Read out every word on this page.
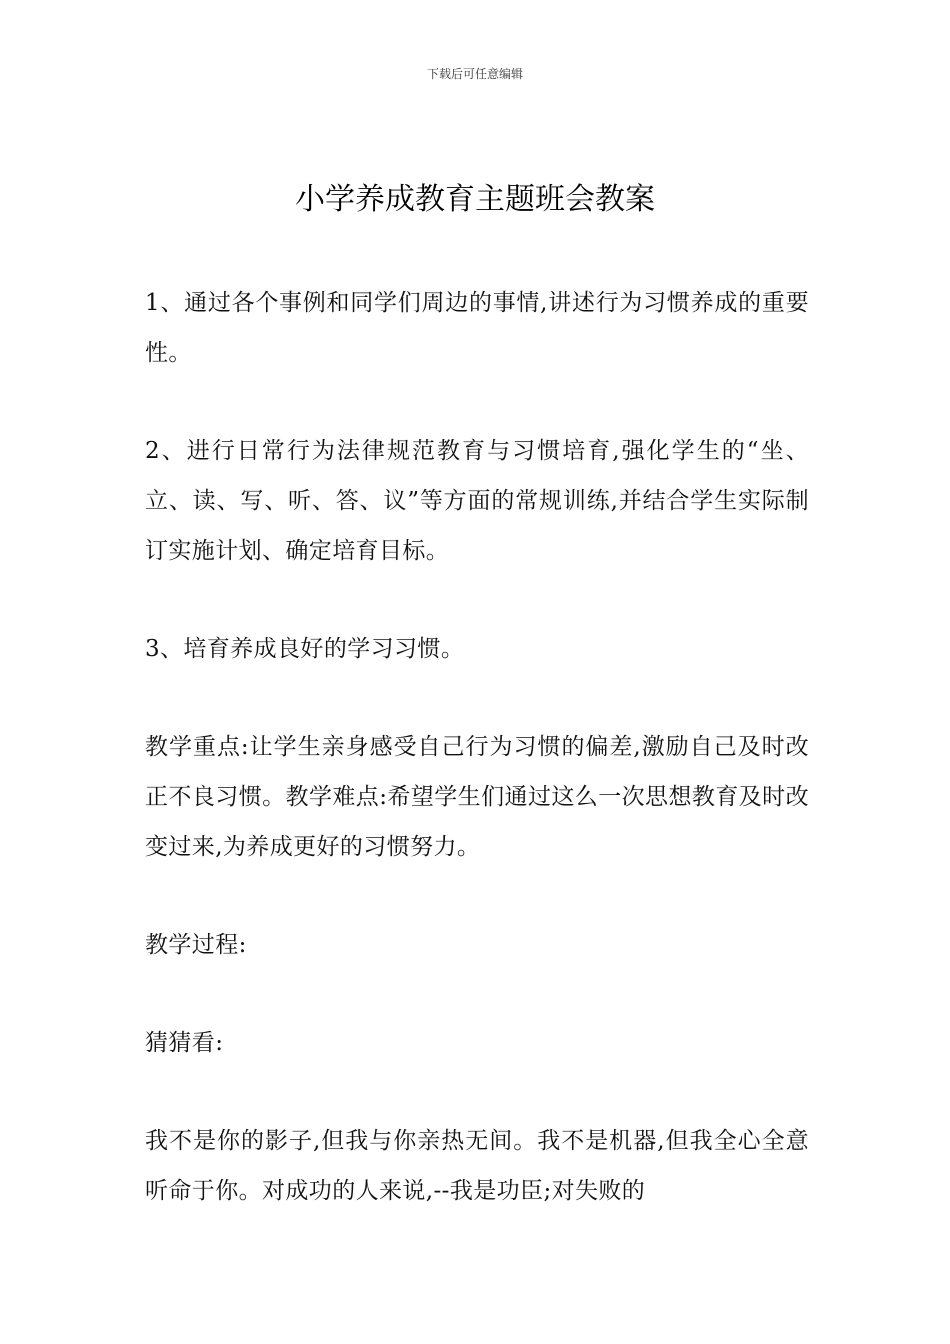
下载后可任意编辑
小学养成教育主题班会教案

1、通过各个事例和同学们周边的事情,讲述行为习惯养成的重要性。

2、进行日常行为法律规范教育与习惯培育,强化学生的“坐、立、读、写、听、答、议”等方面的常规训练,并结合学生实际制订实施计划、确定培育目标。

3、培育养成良好的学习习惯。

教学重点:让学生亲身感受自己行为习惯的偏差,激励自己及时改正不良习惯。教学难点:希望学生们通过这么一次思想教育及时改变过来,为养成更好的习惯努力。

教学过程:

猜猜看:

我不是你的影子,但我与你亲热无间。我不是机器,但我全心全意听命于你。对成功的人来说,--我是功臣;对失败的
